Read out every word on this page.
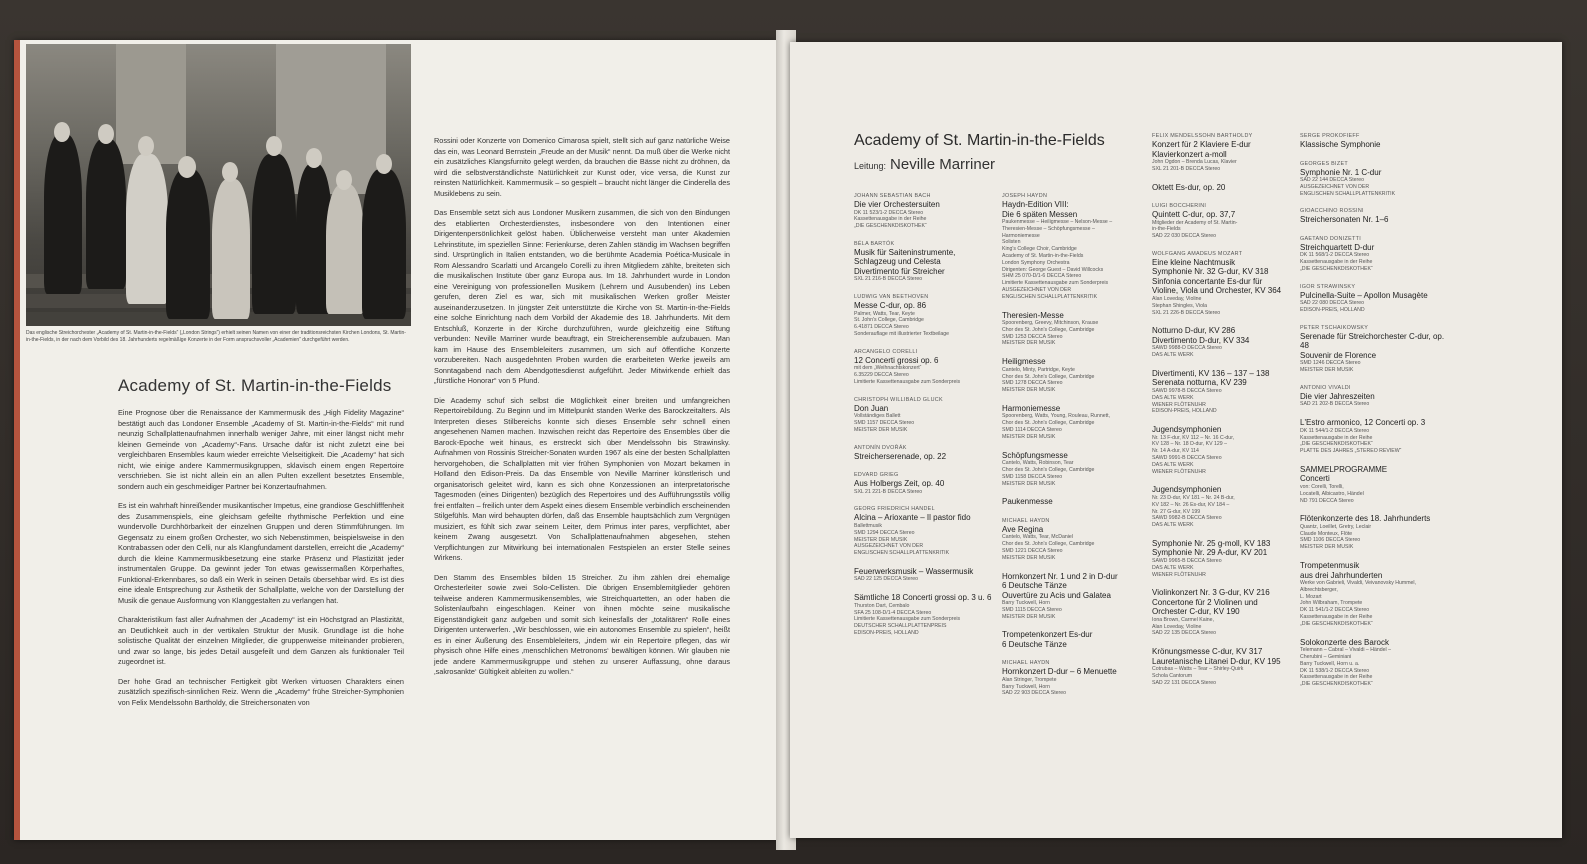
Das englische Streichorchester „Academy of St. Martin-in-the-Fields“ („London Strings“) erhielt seinen Namen von einer der traditionsreichsten Kirchen Londons, St. Martin-in-the-Fields, in der nach dem Vorbild des 18. Jahrhunderts regelmäßige Konzerte in der Form anspruchsvoller „Academien“ durchgeführt werden.
Academy of St. Martin-in-the-Fields

Eine Prognose über die Renaissance der Kammermusik des „High Fidelity Magazine“ bestätigt auch das Londoner Ensemble „Academy of St. Martin-in-the-Fields“ mit rund neunzig Schallplattenaufnahmen innerhalb weniger Jahre, mit einer längst nicht mehr kleinen Gemeinde von „Academy“-Fans. Ursache dafür ist nicht zuletzt eine bei vergleichbaren Ensembles kaum wieder erreichte Vielseitigkeit. Die „Academy“ hat sich nicht, wie einige andere Kammermusikgruppen, sklavisch einem engen Repertoire verschrieben. Sie ist nicht allein ein an allen Pulten exzellent besetztes Ensemble, sondern auch ein geschmeidiger Partner bei Konzertaufnahmen.

Es ist ein wahrhaft hinreißender musikantischer Impetus, eine grandiose Geschlifffenheit des Zusammenspiels, eine gleichsam gefeilte rhythmische Perfektion und eine wundervolle Durchhörbarkeit der einzelnen Gruppen und deren Stimmführungen. Im Gegensatz zu einem großen Orchester, wo sich Nebenstimmen, beispielsweise in den Kontrabassen oder den Celli, nur als Klangfundament darstellen, erreicht die „Academy“ durch die kleine Kammermusikbesetzung eine starke Präsenz und Plastizität jeder instrumentalen Gruppe. Da gewinnt jeder Ton etwas gewissermaßen Körperhaftes, Funktional-Erkennbares, so daß ein Werk in seinen Details übersehbar wird. Es ist dies eine ideale Entsprechung zur Ästhetik der Schallplatte, welche von der Darstellung der Musik die genaue Ausformung von Klanggestalten zu verlangen hat.

Charakteristikum fast aller Aufnahmen der „Academy“ ist ein Höchstgrad an Plastizität, an Deutlichkeit auch in der vertikalen Struktur der Musik. Grundlage ist die hohe solistische Qualität der einzelnen Mitglieder, die gruppenweise miteinander probieren, und zwar so lange, bis jedes Detail ausgefeilt und dem Ganzen als funktionaler Teil zugeordnet ist.

Der hohe Grad an technischer Fertigkeit gibt Werken virtuosen Charakters einen zusätzlich spezifisch-sinnlichen Reiz. Wenn die „Academy“ frühe Streicher-Symphonien von Felix Mendelssohn Bartholdy, die Streichersonaten von

Rossini oder Konzerte von Domenico Cimarosa spielt, stellt sich auf ganz natürliche Weise das ein, was Leonard Bernstein „Freude an der Musik“ nennt. Da muß über die Werke nicht ein zusätzliches Klangsfurnito gelegt werden, da brauchen die Bässe nicht zu dröhnen, da wird die selbstverständlichste Natürlichkeit zur Kunst oder, vice versa, die Kunst zur reinsten Natürlichkeit. Kammermusik – so gespielt – braucht nicht länger die Cinderella des Musiklebens zu sein.

Das Ensemble setzt sich aus Londoner Musikern zusammen, die sich von den Bindungen des etablierten Orchesterdienstes, insbesondere von den Intentionen einer Dirigentenpersönlichkeit gelöst haben. Üblicherweise versteht man unter Akademien Lehrinstitute, im speziellen Sinne: Ferienkurse, deren Zahlen ständig im Wachsen begriffen sind. Ursprünglich in Italien entstanden, wo die berühmte Academia Poética-Musicale in Rom Alessandro Scarlatti und Arcangelo Corelli zu ihren Mitgliedern zählte, breiteten sich die musikalischen Institute über ganz Europa aus. Im 18. Jahrhundert wurde in London eine Vereinigung von professionellen Musikern (Lehrern und Ausubenden) ins Leben gerufen, deren Ziel es war, sich mit musikalischen Werken großer Meister auseinanderzusetzen. In jüngster Zeit unterstützte die Kirche von St. Martin-in-the-Fields eine solche Einrichtung nach dem Vorbild der Akademie des 18. Jahrhunderts. Mit dem Entschluß, Konzerte in der Kirche durchzuführen, wurde gleichzeitig eine Stiftung verbunden: Neville Marriner wurde beauftragt, ein Streicherensemble aufzubauen. Man kam im Hause des Ensembleleiters zusammen, um sich auf öffentliche Konzerte vorzubereiten. Nach ausgedehnten Proben wurden die erarbeiteten Werke jeweils am Sonntagabend nach dem Abendgottesdienst aufgeführt. Jeder Mitwirkende erhielt das „fürstliche Honorar“ von 5 Pfund.

Die Academy schuf sich selbst die Möglichkeit einer breiten und umfangreichen Repertoirebildung. Zu Beginn und im Mittelpunkt standen Werke des Barockzeitalters. Als Interpreten dieses Stilbereichs konnte sich dieses Ensemble sehr schnell einen angesehenen Namen machen. Inzwischen reicht das Repertoire des Ensembles über die Barock-Epoche weit hinaus, es erstreckt sich über Mendelssohn bis Strawinsky. Aufnahmen von Rossinis Streicher-Sonaten wurden 1967 als eine der besten Schallplatten hervorgehoben, die Schallplatten mit vier frühen Symphonien von Mozart bekamen in Holland den Edison-Preis. Da das Ensemble von Neville Marriner künstlerisch und organisatorisch geleitet wird, kann es sich ohne Konzessionen an interpretatorische Tagesmoden (eines Dirigenten) bezüglich des Repertoires und des Aufführungsstils völlig frei entfalten – freilich unter dem Aspekt eines diesem Ensemble verbindlich erscheinenden Stilgefühls. Man wird behaupten dürfen, daß das Ensemble hauptsächlich zum Vergnügen musiziert, es fühlt sich zwar seinem Leiter, dem Primus inter pares, verpflichtet, aber keinem Zwang ausgesetzt. Von Schallplattenaufnahmen abgesehen, stehen Verpflichtungen zur Mitwirkung bei internationalen Festspielen an erster Stelle seines Wirkens.

Den Stamm des Ensembles bilden 15 Streicher. Zu ihm zählen drei ehemalige Orchesterleiter sowie zwei Solo-Cellisten. Die übrigen Ensemblemitglieder gehören teilweise anderen Kammermusikensembles, wie Streichquartetten, an oder haben die Solistenlaufbahn eingeschlagen. Keiner von ihnen möchte seine musikalische Eigenständigkeit ganz aufgeben und somit sich keinesfalls der „totalitären“ Rolle eines Dirigenten unterwerfen. „Wir beschlossen, wie ein autonomes Ensemble zu spielen“, heißt es in einer Äußerung des Ensembleleiters, „indem wir ein Repertoire pflegen, das wir physisch ohne Hilfe eines ‚menschlichen Metronoms‘ bewältigen können. Wir glauben nie jede andere Kammermusikgruppe und stehen zu unserer Auffassung, ohne daraus ‚sakrosankte‘ Gültigkeit ableiten zu wollen.“

Academy of St. Martin-in-the-Fields
Leitung: Neville Marriner
JOHANN SEBASTIAN BACH
Die vier Orchestersuiten
DK 11 523/1-2 DECCA Stereo
Kassettenausgabe in der Reihe
„DIE GESCHENKDISKOTHEK“
BÉLA BARTÓK
Musik für Saiteninstrumente,
Schlagzeug und Celesta
Divertimento für Streicher
SXL 21 216-B DECCA Stereo
LUDWIG VAN BEETHOVEN
Messe C-dur, op. 86
Palmer, Watts, Tear, Keyte
St. John's College, Cambridge
6.41871 DECCA Stereo
Sonderauflage mit illustrierter Textbeilage
ARCANGELO CORELLI
12 Concerti grossi op. 6
mit dem „Weihnachtskonzert“
6.35229 DECCA Stereo
Limitierte Kassettenausgabe zum Sonderpreis
CHRISTOPH WILLIBALD GLUCK
Don Juan
Vollständiges Ballett
SMD 1157 DECCA Stereo
MEISTER DER MUSIK
ANTONÍN DVOŘÁK
Streicherserenade, op. 22
EDVARD GRIEG
Aus Holbergs Zeit, op. 40
SXL 21 221-B DECCA Stereo
GEORG FRIEDRICH HANDEL
Alcina – Arioxante – Il pastor fido
Ballettmusik
SMD 1294 DECCA Stereo
MEISTER DER MUSIK
AUSGEZEICHNET VON DER
ENGLISCHEN SCHALLPLATTENKRITIK
Feuerwerksmusik – Wassermusik
SAD 22 125 DECCA Stereo
Sämtliche 18 Concerti grossi op. 3 u. 6
Thurston Dart, Cembalo
SFA 25 108-D/1-4 DECCA Stereo
Limitierte Kassettenausgabe zum Sonderpreis
DEUTSCHER SCHALLPLATTENPREIS
EDISON-PREIS, HOLLAND
JOSEPH HAYDN
Haydn-Edition VIII:
Die 6 späten Messen
Paukenmesse – Heiligmesse – Nelson-Messe –
Theresien-Messe – Schöpfungsmesse –
Harmoniemesse
Solisten
King's College Choir, Cambridge
Academy of St. Martin-in-the-Fields
London Symphony Orchestra
Dirigenten: George Guest – David Willcocks
SHM 25 070-D/1-6 DECCA Stereo
Limitierte Kassettenausgabe zum Sonderpreis
AUSGEZEICHNET VON DER
ENGLISCHEN SCHALLPLATTENKRITIK
Theresien-Messe
Spoorenberg, Greevy, Mitchinson, Krause
Chor des St. John's College, Cambridge
SMD 1253 DECCA Stereo
MEISTER DER MUSIK
Heiligmesse
Cantelo, Minty, Partridge, Keyte
Chor des St. John's College, Cambridge
SMD 1278 DECCA Stereo
MEISTER DER MUSIK
Harmoniemesse
Spoorenberg, Watts, Young, Rouleau, Runnett,
Chor des St. John's College, Cambridge
SMD 1114 DECCA Stereo
MEISTER DER MUSIK
Schöpfungsmesse
Cantelo, Watts, Robinson, Tear
Chor des St. John's College, Cambridge
SMD 1158 DECCA Stereo
MEISTER DER MUSIK
Paukenmesse
MICHAEL HAYDN
Ave Regina
Cantelo, Watts, Tear, McDaniel
Chor des St. John's College, Cambridge
SMD 1221 DECCA Stereo
MEISTER DER MUSIK
Hornkonzert Nr. 1 und 2 in D-dur
6 Deutsche Tänze
Ouvertüre zu Acis und Galatea
Barry Tuckwell, Horn
SMD 1115 DECCA Stereo
MEISTER DER MUSIK
Trompetenkonzert Es-dur
6 Deutsche Tänze
MICHAEL HAYDN
Hornkonzert D-dur – 6 Menuette
Alan Stringer, Trompete
Barry Tuckwell, Horn
SAD 22 903 DECCA Stereo
FELIX MENDELSSOHN BARTHOLDY
Konzert für 2 Klaviere E-dur
Klavierkonzert a-moll
John Ogdon – Brenda Lucas, Klavier
SXL 21 201-B DECCA Stereo
Oktett Es-dur, op. 20
LUIGI BOCCHERINI
Quintett C-dur, op. 37,7
Mitglieder der Academy of St. Martin-
in-the-Fields
SAD 22 030 DECCA Stereo
WOLFGANG AMADEUS MOZART
Eine kleine Nachtmusik
Symphonie Nr. 32 G-dur, KV 318
Sinfonia concertante Es-dur für
Violine, Viola und Orchester, KV 364
Alan Loveday, Violine
Stephan Shingles, Viola
SXL 21 226-B DECCA Stereo
Notturno D-dur, KV 286
Divertimento D-dur, KV 334
SAWD 9988-D DECCA Stereo
DAS ALTE WERK
Divertimenti, KV 136 – 137 – 138
Serenata notturna, KV 239
SAWD 9978-B DECCA Stereo
DAS ALTE WERK
WIENER FLÖTENUHR
EDISON-PREIS, HOLLAND
Jugendsymphonien
Nr. 13 F-dur, KV 112 – Nr. 16 C-dur,
KV 128 – Nr. 18 D-dur, KV 129 –
Nr. 14 A-dur, KV 114
SAWD 9991-B DECCA Stereo
DAS ALTE WERK
WIENER FLÖTENUHR
Jugendsymphonien
Nr. 23 D-dur, KV 181 – Nr. 24 B-dur,
KV 182 – Nr. 26 Es-dur, KV 184 –
Nr. 27 G-dur, KV 199
SAWD 9982-B DECCA Stereo
DAS ALTE WERK
Symphonie Nr. 25 g-moll, KV 183
Symphonie Nr. 29 A-dur, KV 201
SAWD 9965-B DECCA Stereo
DAS ALTE WERK
WIENER FLÖTENUHR
Violinkonzert Nr. 3 G-dur, KV 216
Concertone für 2 Violinen und
Orchester C-dur, KV 190
Iona Brown, Carmel Kaine,
Alan Loveday, Violine
SAD 22 135 DECCA Stereo
Krönungsmesse C-dur, KV 317
Lauretanische Litanei D-dur, KV 195
Cotrubas – Watts – Tear – Shirley-Quirk
Schola Cantorum
SAD 22 131 DECCA Stereo
SERGE PROKOFIEFF
Klassische Symphonie
GEORGES BIZET
Symphonie Nr. 1 C-dur
SAD 22 144 DECCA Stereo
AUSGEZEICHNET VON DER
ENGLISCHEN SCHALLPLATTENKRITIK
GIOACCHINO ROSSINI
Streichersonaten Nr. 1–6
GAETANO DONIZETTI
Streichquartett D-dur
DK 11 568/1-2 DECCA Stereo
Kassettenausgabe in der Reihe
„DIE GESCHENKDISKOTHEK“
IGOR STRAWINSKY
Pulcinella-Suite – Apollon Musagète
SAD 22 080 DECCA Stereo
EDISON-PREIS, HOLLAND
PETER TSCHAIKOWSKY
Serenade für Streichorchester C-dur, op. 48
Souvenir de Florence
SMD 1246 DECCA Stereo
MEISTER DER MUSIK
ANTONIO VIVALDI
Die vier Jahreszeiten
SAD 21 202-B DECCA Stereo
L'Estro armonico, 12 Concerti op. 3
DK 11 544/1-2 DECCA Stereo
Kassettenausgabe in der Reihe
„DIE GESCHENKDISKOTHEK“
PLATTE DES JAHRES „STEREO REVIEW“
SAMMELPROGRAMME
Concerti
von: Corelli, Torelli,
Locatelli, Albicastro, Händel
ND 791 DECCA Stereo
Flötenkonzerte des 18. Jahrhunderts
Quantz, Loeillet, Gretry, Leclair
Claude Monteux, Flöte
SMD 1106 DECCA Stereo
MEISTER DER MUSIK
Trompetenmusik
aus drei Jahrhunderten
Werke von Gabrieli, Vivaldi, Veivanovsky Hummel, Albrechtsberger,
L. Mozart
John Wilbraham, Trompete
DK 11 541/1-2 DECCA Stereo
Kassettenausgabe in der Reihe
„DIE GESCHENKDISKOTHEK“
Solokonzerte des Barock
Telemann – Cabral – Vivaldi – Händel –
Cherubini – Geminiani
Barry Tuckwell, Horn u. a.
DK 11 538/1-2 DECCA Stereo
Kassettenausgabe in der Reihe
„DIE GESCHENKDISKOTHEK“
